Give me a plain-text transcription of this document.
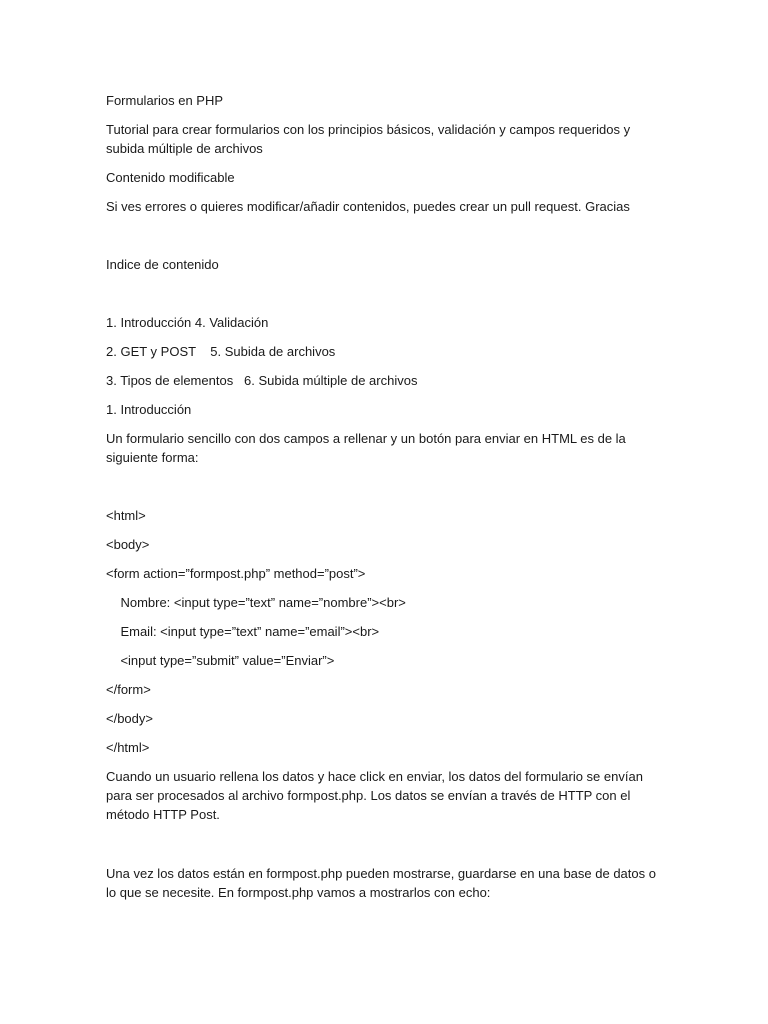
Formularios en PHP

Tutorial para crear formularios con los principios básicos, validación y campos requeridos y subida múltiple de archivos

Contenido modificable

Si ves errores o quieres modificar/añadir contenidos, puedes crear un pull request. Gracias

Indice de contenido

1. Introducción 4. Validación

2. GET y POST    5. Subida de archivos

3. Tipos de elementos   6. Subida múltiple de archivos

1. Introducción

Un formulario sencillo con dos campos a rellenar y un botón para enviar en HTML es de la siguiente forma:

<html>

<body>

<form action=”formpost.php” method=”post”>

Nombre: <input type=”text” name=”nombre”><br>

Email: <input type=”text” name=”email”><br>

<input type=”submit” value=”Enviar”>

</form>

</body>

</html>

Cuando un usuario rellena los datos y hace click en enviar, los datos del formulario se envían para ser procesados al archivo formpost.php. Los datos se envían a través de HTTP con el método HTTP Post.

Una vez los datos están en formpost.php pueden mostrarse, guardarse en una base de datos o lo que se necesite. En formpost.php vamos a mostrarlos con echo:
